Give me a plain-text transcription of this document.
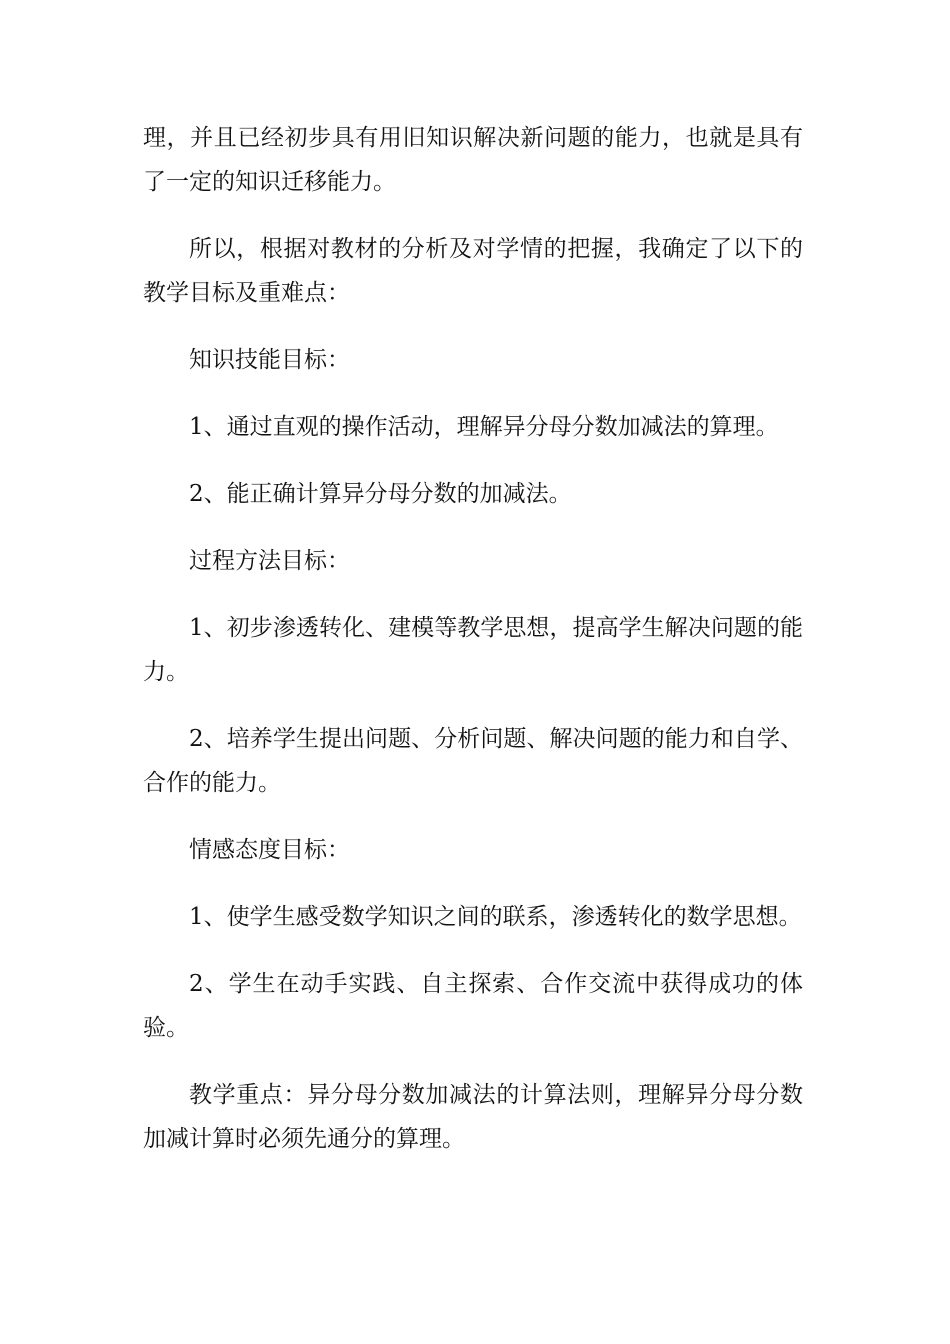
理，并且已经初步具有用旧知识解决新问题的能力，也就是具有了一定的知识迁移能力。

所以，根据对教材的分析及对学情的把握，我确定了以下的教学目标及重难点：

知识技能目标：

1、通过直观的操作活动，理解异分母分数加减法的算理。

2、能正确计算异分母分数的加减法。

过程方法目标：

1、初步渗透转化、建模等教学思想，提高学生解决问题的能力。

2、培养学生提出问题、分析问题、解决问题的能力和自学、合作的能力。

情感态度目标：

1、使学生感受数学知识之间的联系，渗透转化的数学思想。

2、学生在动手实践、自主探索、合作交流中获得成功的体验。

教学重点：异分母分数加减法的计算法则，理解异分母分数加减计算时必须先通分的算理。
